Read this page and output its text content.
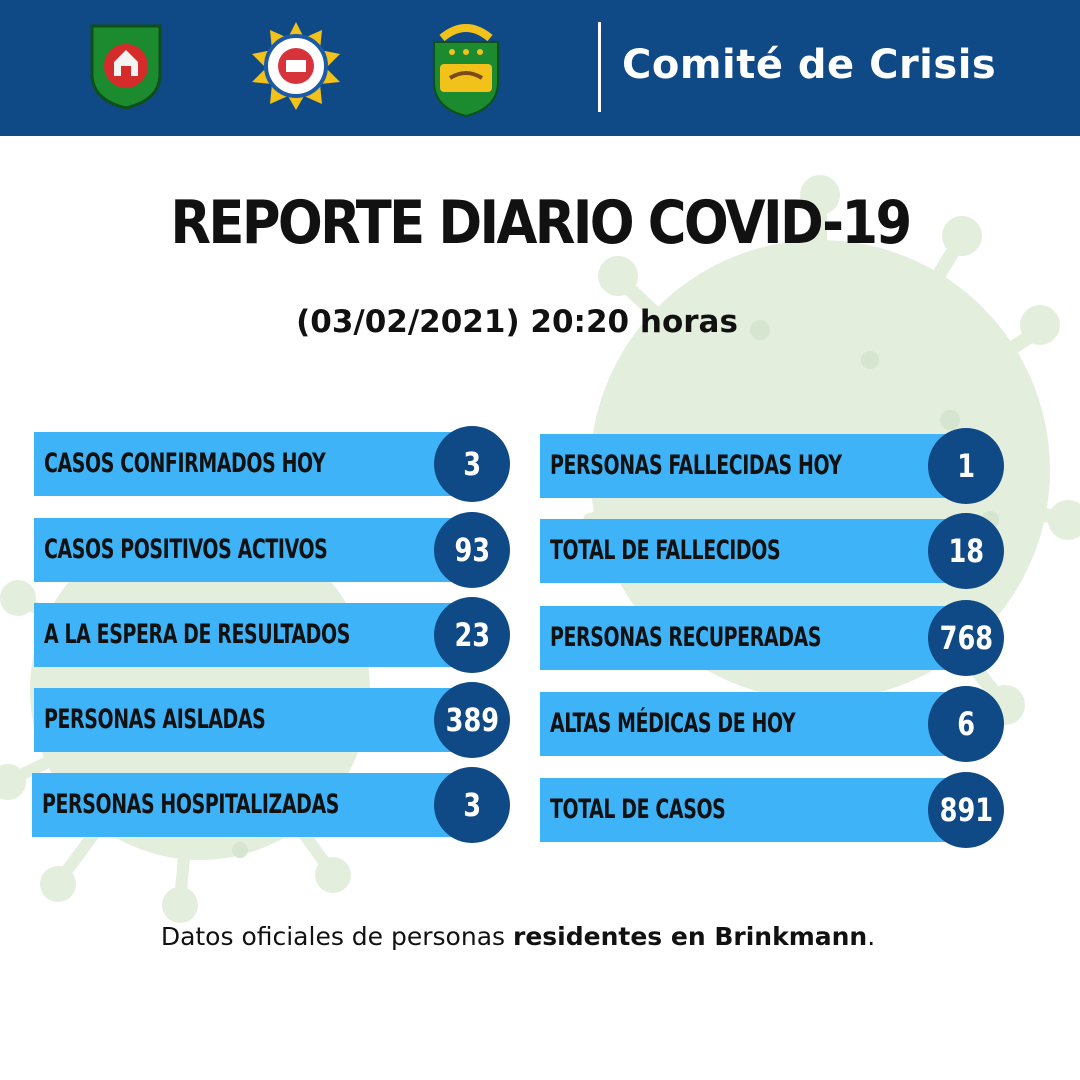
Comité de Crisis
REPORTE DIARIO COVID-19
(03/02/2021) 20:20 horas
CASOS CONFIRMADOS HOY	3
CASOS POSITIVOS ACTIVOS	93
A LA ESPERA DE RESULTADOS	23
PERSONAS AISLADAS	389
PERSONAS HOSPITALIZADAS	3
PERSONAS FALLECIDAS HOY	1
TOTAL DE FALLECIDOS	18
PERSONAS RECUPERADAS	768
ALTAS MÉDICAS DE HOY	6
TOTAL DE CASOS	891
Datos oficiales de personas residentes en Brinkmann.
